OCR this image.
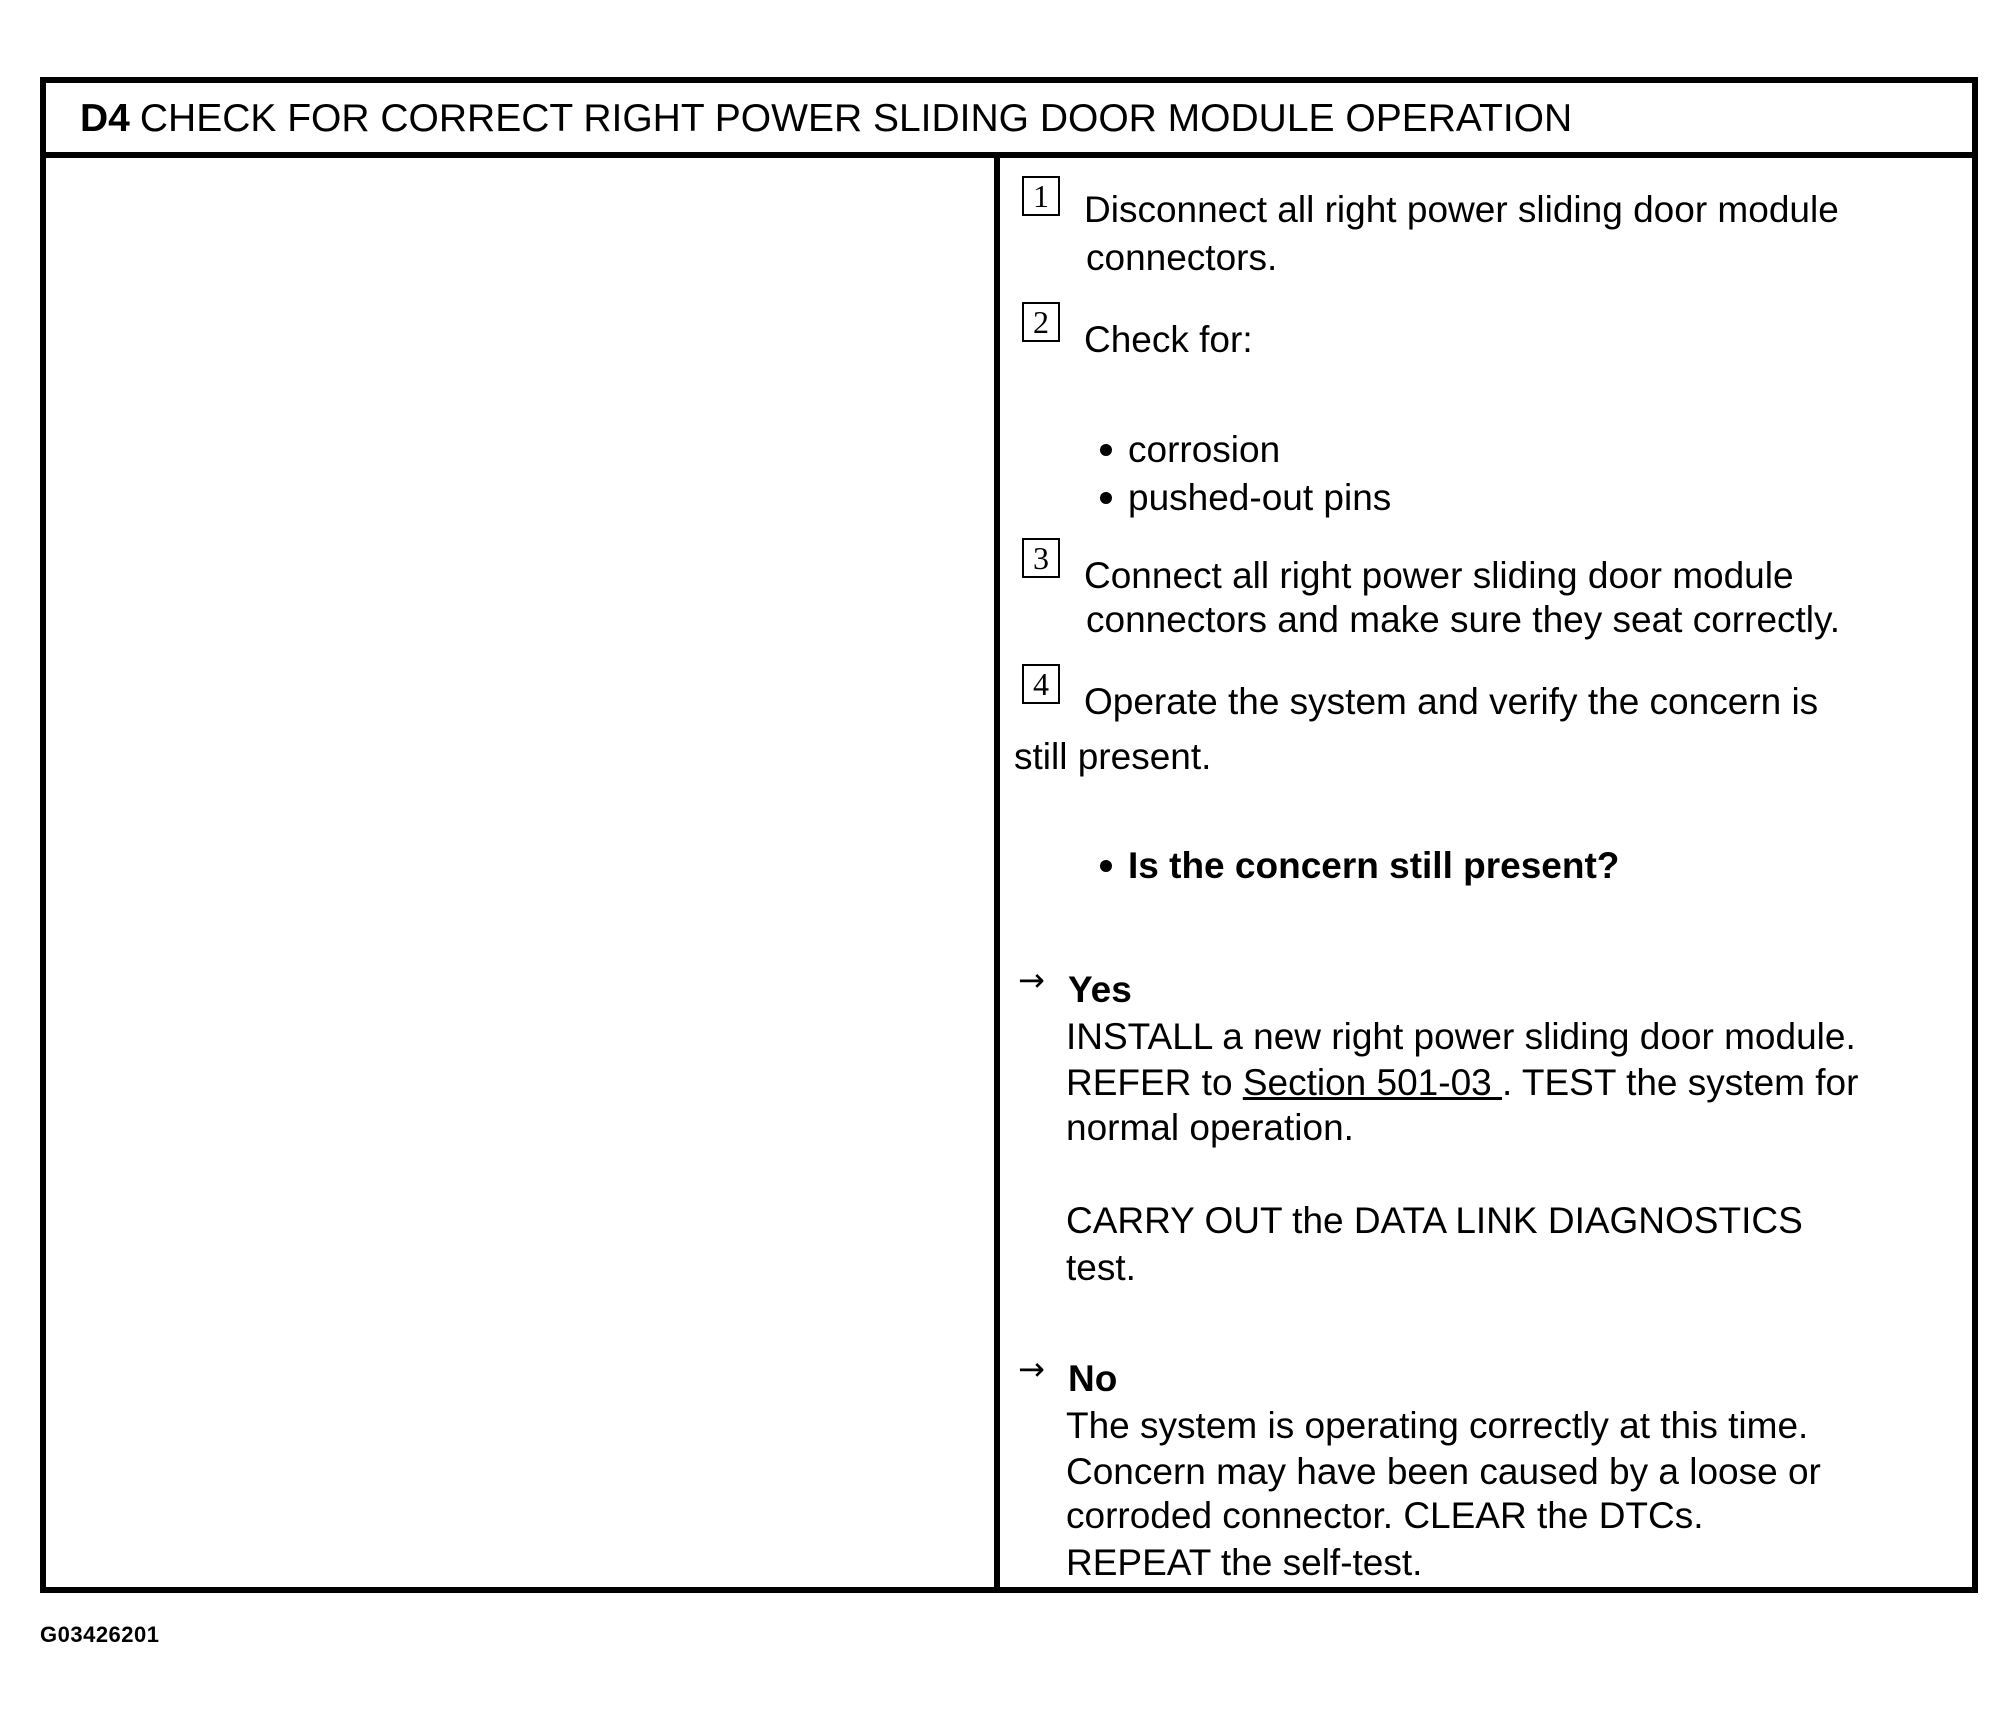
D4 CHECK FOR CORRECT RIGHT POWER SLIDING DOOR MODULE OPERATION
1 Disconnect all right power sliding door module
connectors.
2 Check for:
corrosion
pushed-out pins
3 Connect all right power sliding door module
connectors and make sure they seat correctly.
4 Operate the system and verify the concern is
still present.
Is the concern still present?
→ Yes
INSTALL a new right power sliding door module.
REFER to Section 501-03 . TEST the system for
normal operation.
CARRY OUT the DATA LINK DIAGNOSTICS
test.
→ No
The system is operating correctly at this time.
Concern may have been caused by a loose or
corroded connector. CLEAR the DTCs.
REPEAT the self-test.
G03426201
